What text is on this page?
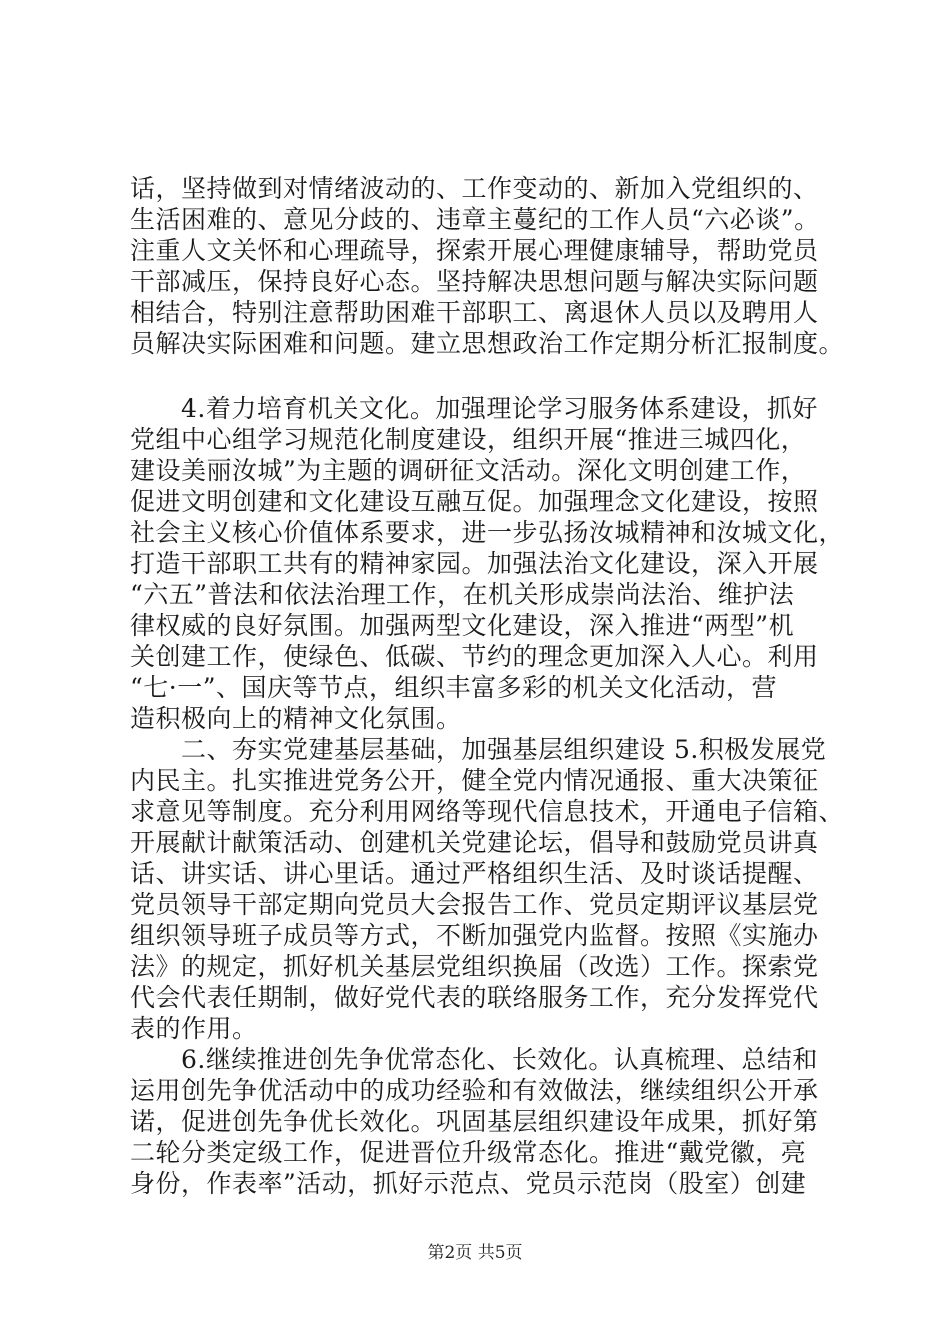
话，坚持做到对情绪波动的、工作变动的、新加入党组织的、
生活困难的、意见分歧的、违章主蔓纪的工作人员“六必谈”。
注重人文关怀和心理疏导，探索开展心理健康辅导，帮助党员
干部减压，保持良好心态。坚持解决思想问题与解决实际问题
相结合，特别注意帮助困难干部职工、离退休人员以及聘用人
员解决实际困难和问题。建立思想政治工作定期分析汇报制度。
4.着力培育机关文化。加强理论学习服务体系建设，抓好
党组中心组学习规范化制度建设，组织开展“推进三城四化，
建设美丽汝城”为主题的调研征文活动。深化文明创建工作，
促进文明创建和文化建设互融互促。加强理念文化建设，按照
社会主义核心价值体系要求，进一步弘扬汝城精神和汝城文化，
打造干部职工共有的精神家园。加强法治文化建设，深入开展
“六五”普法和依法治理工作，在机关形成崇尚法治、维护法
律权威的良好氛围。加强两型文化建设，深入推进“两型”机
关创建工作，使绿色、低碳、节约的理念更加深入人心。利用
“七·一”、国庆等节点，组织丰富多彩的机关文化活动，营
造积极向上的精神文化氛围。
二、夯实党建基层基础，加强基层组织建设 5.积极发展党
内民主。扎实推进党务公开，健全党内情况通报、重大决策征
求意见等制度。充分利用网络等现代信息技术，开通电子信箱、
开展献计献策活动、创建机关党建论坛，倡导和鼓励党员讲真
话、讲实话、讲心里话。通过严格组织生活、及时谈话提醒、
党员领导干部定期向党员大会报告工作、党员定期评议基层党
组织领导班子成员等方式，不断加强党内监督。按照《实施办
法》的规定，抓好机关基层党组织换届（改选）工作。探索党
代会代表任期制，做好党代表的联络服务工作，充分发挥党代
表的作用。
6.继续推进创先争优常态化、长效化。认真梳理、总结和
运用创先争优活动中的成功经验和有效做法，继续组织公开承
诺，促进创先争优长效化。巩固基层组织建设年成果，抓好第
二轮分类定级工作，促进晋位升级常态化。推进“戴党徽，亮
身份，作表率”活动，抓好示范点、党员示范岗（股室）创建
第2页 共5页
